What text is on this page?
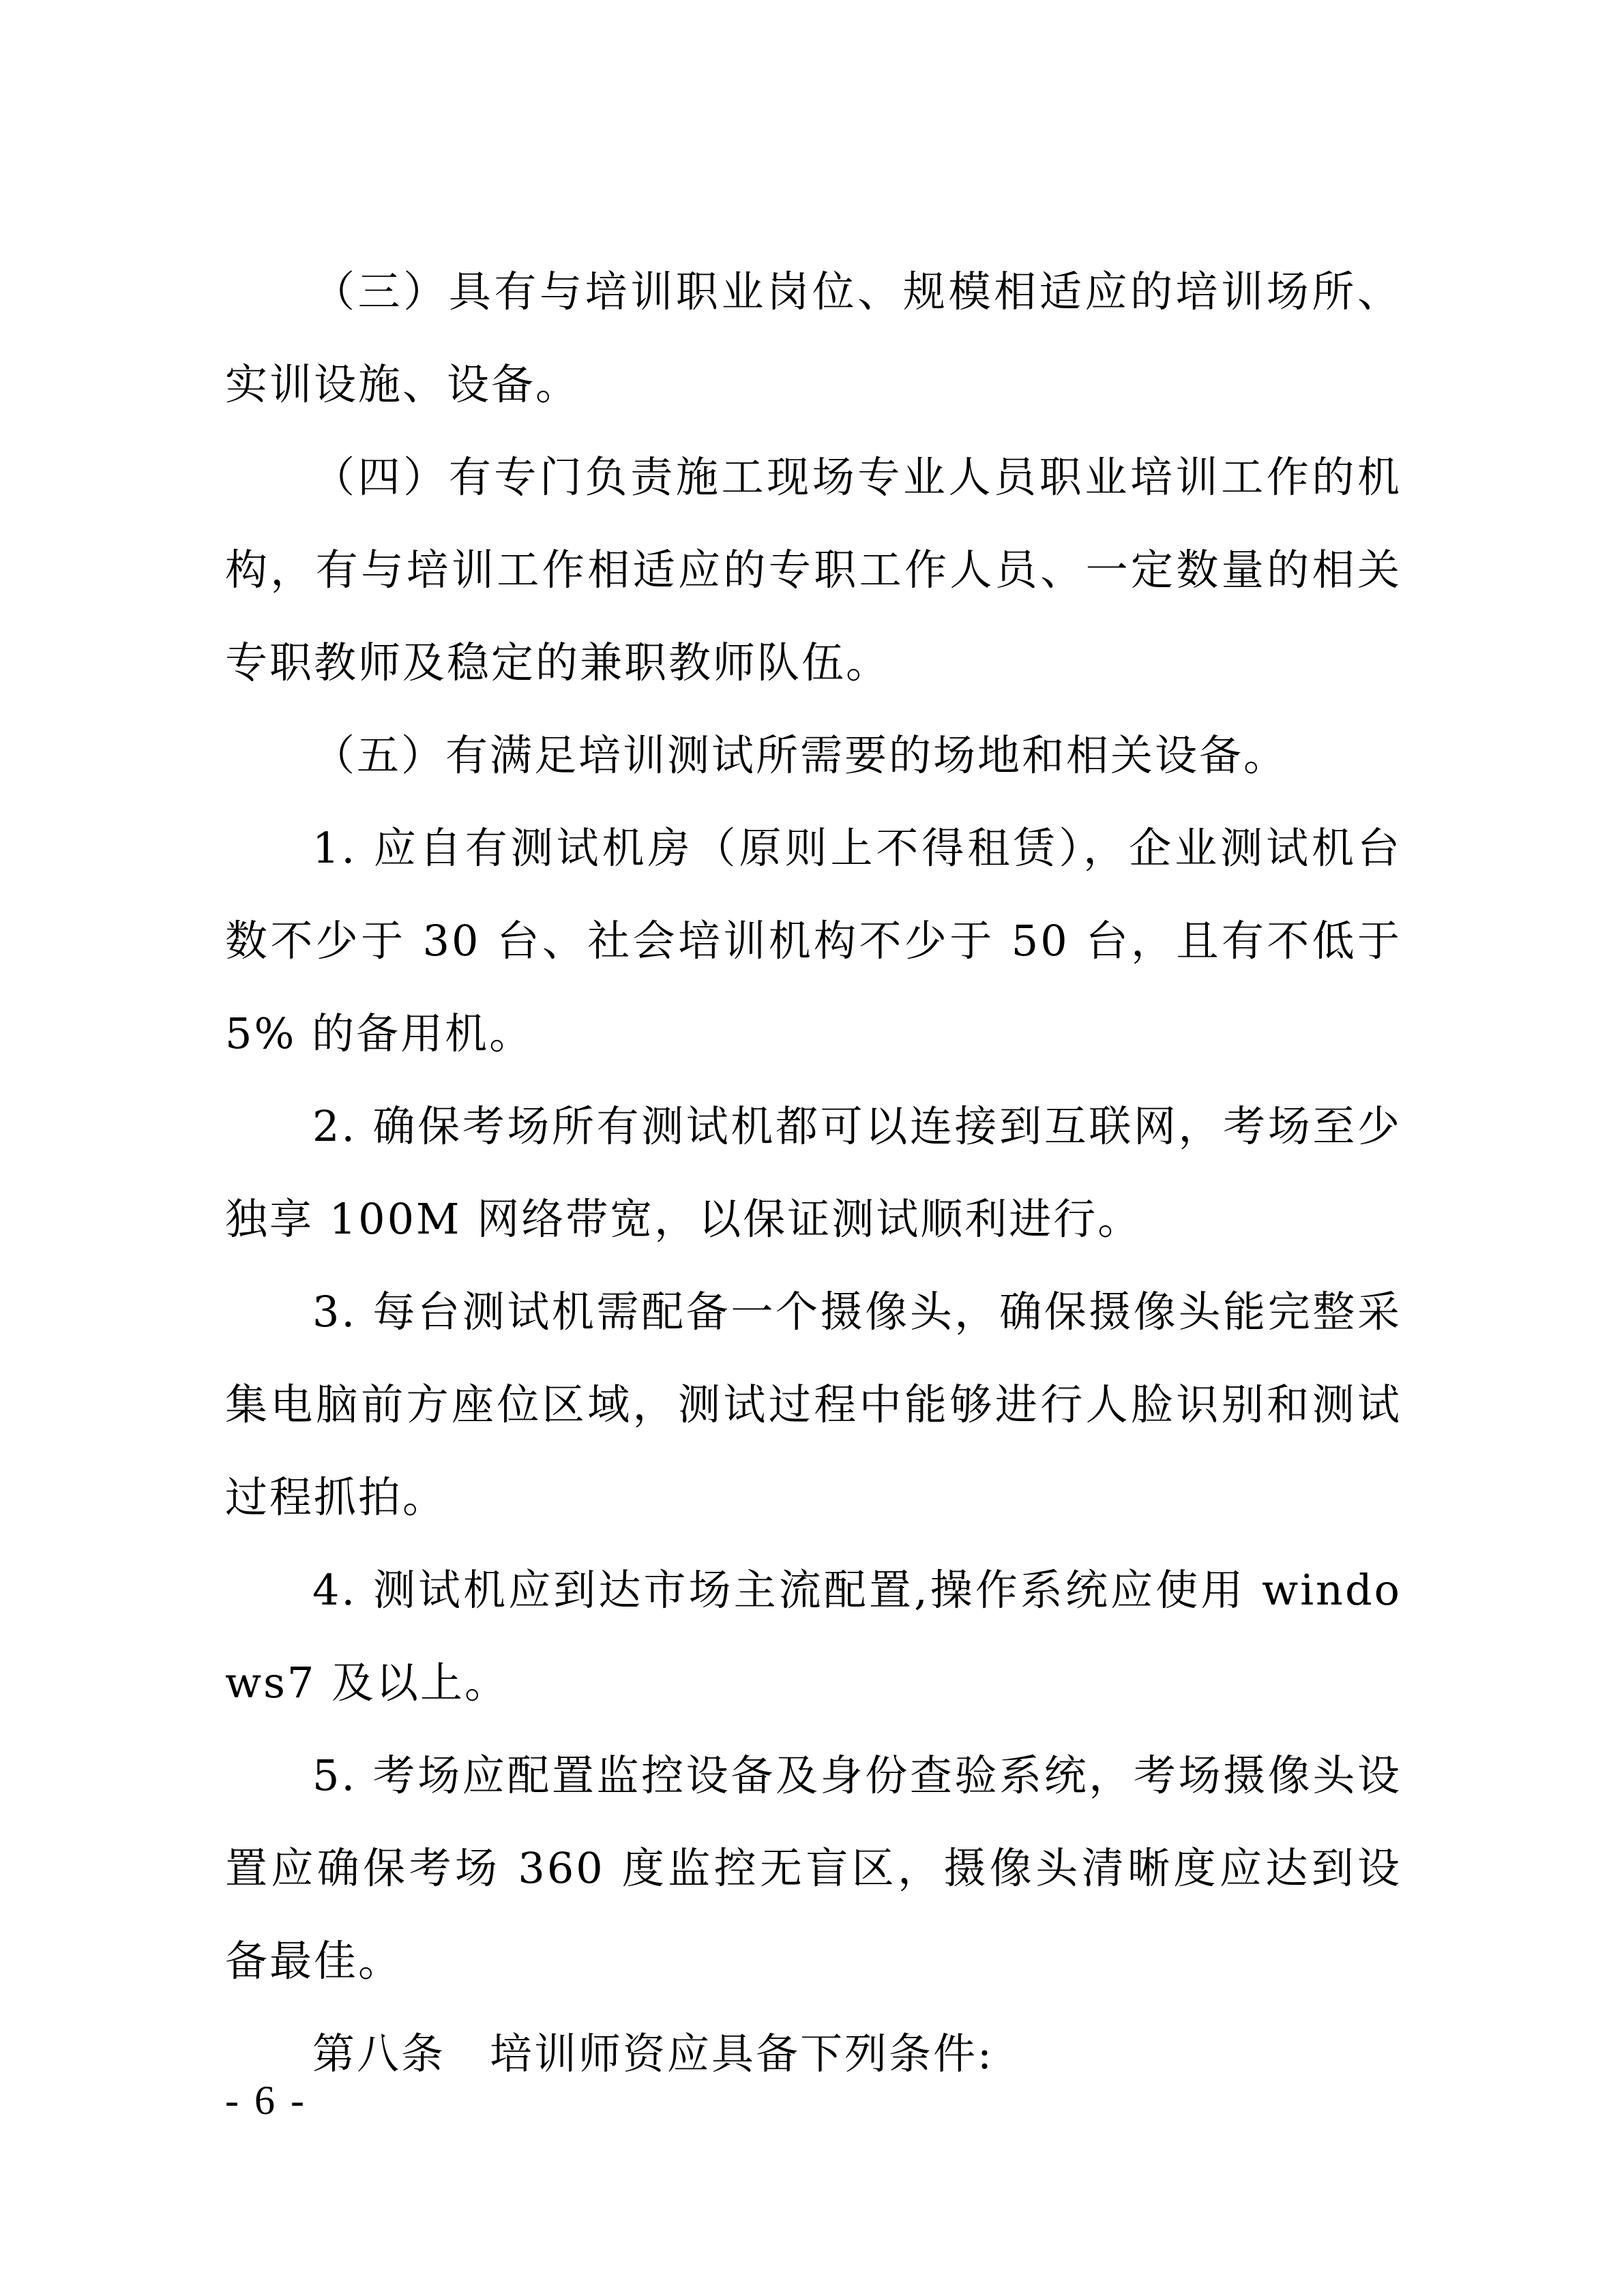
（三）具有与培训职业岗位、规模相适应的培训场所、实训设施、设备。

（四）有专门负责施工现场专业人员职业培训工作的机构，有与培训工作相适应的专职工作人员、一定数量的相关专职教师及稳定的兼职教师队伍。

（五）有满足培训测试所需要的场地和相关设备。

1. 应自有测试机房（原则上不得租赁），企业测试机台数不少于 30 台、社会培训机构不少于 50 台，且有不低于 5% 的备用机。

2. 确保考场所有测试机都可以连接到互联网，考场至少独享 100M 网络带宽，以保证测试顺利进行。

3. 每台测试机需配备一个摄像头，确保摄像头能完整采集电脑前方座位区域，测试过程中能够进行人脸识别和测试过程抓拍。

4. 测试机应到达市场主流配置,操作系统应使用 windows7 及以上。

5. 考场应配置监控设备及身份查验系统，考场摄像头设置应确保考场 360 度监控无盲区，摄像头清晰度应达到设备最佳。

第八条　培训师资应具备下列条件:

- 6 -
